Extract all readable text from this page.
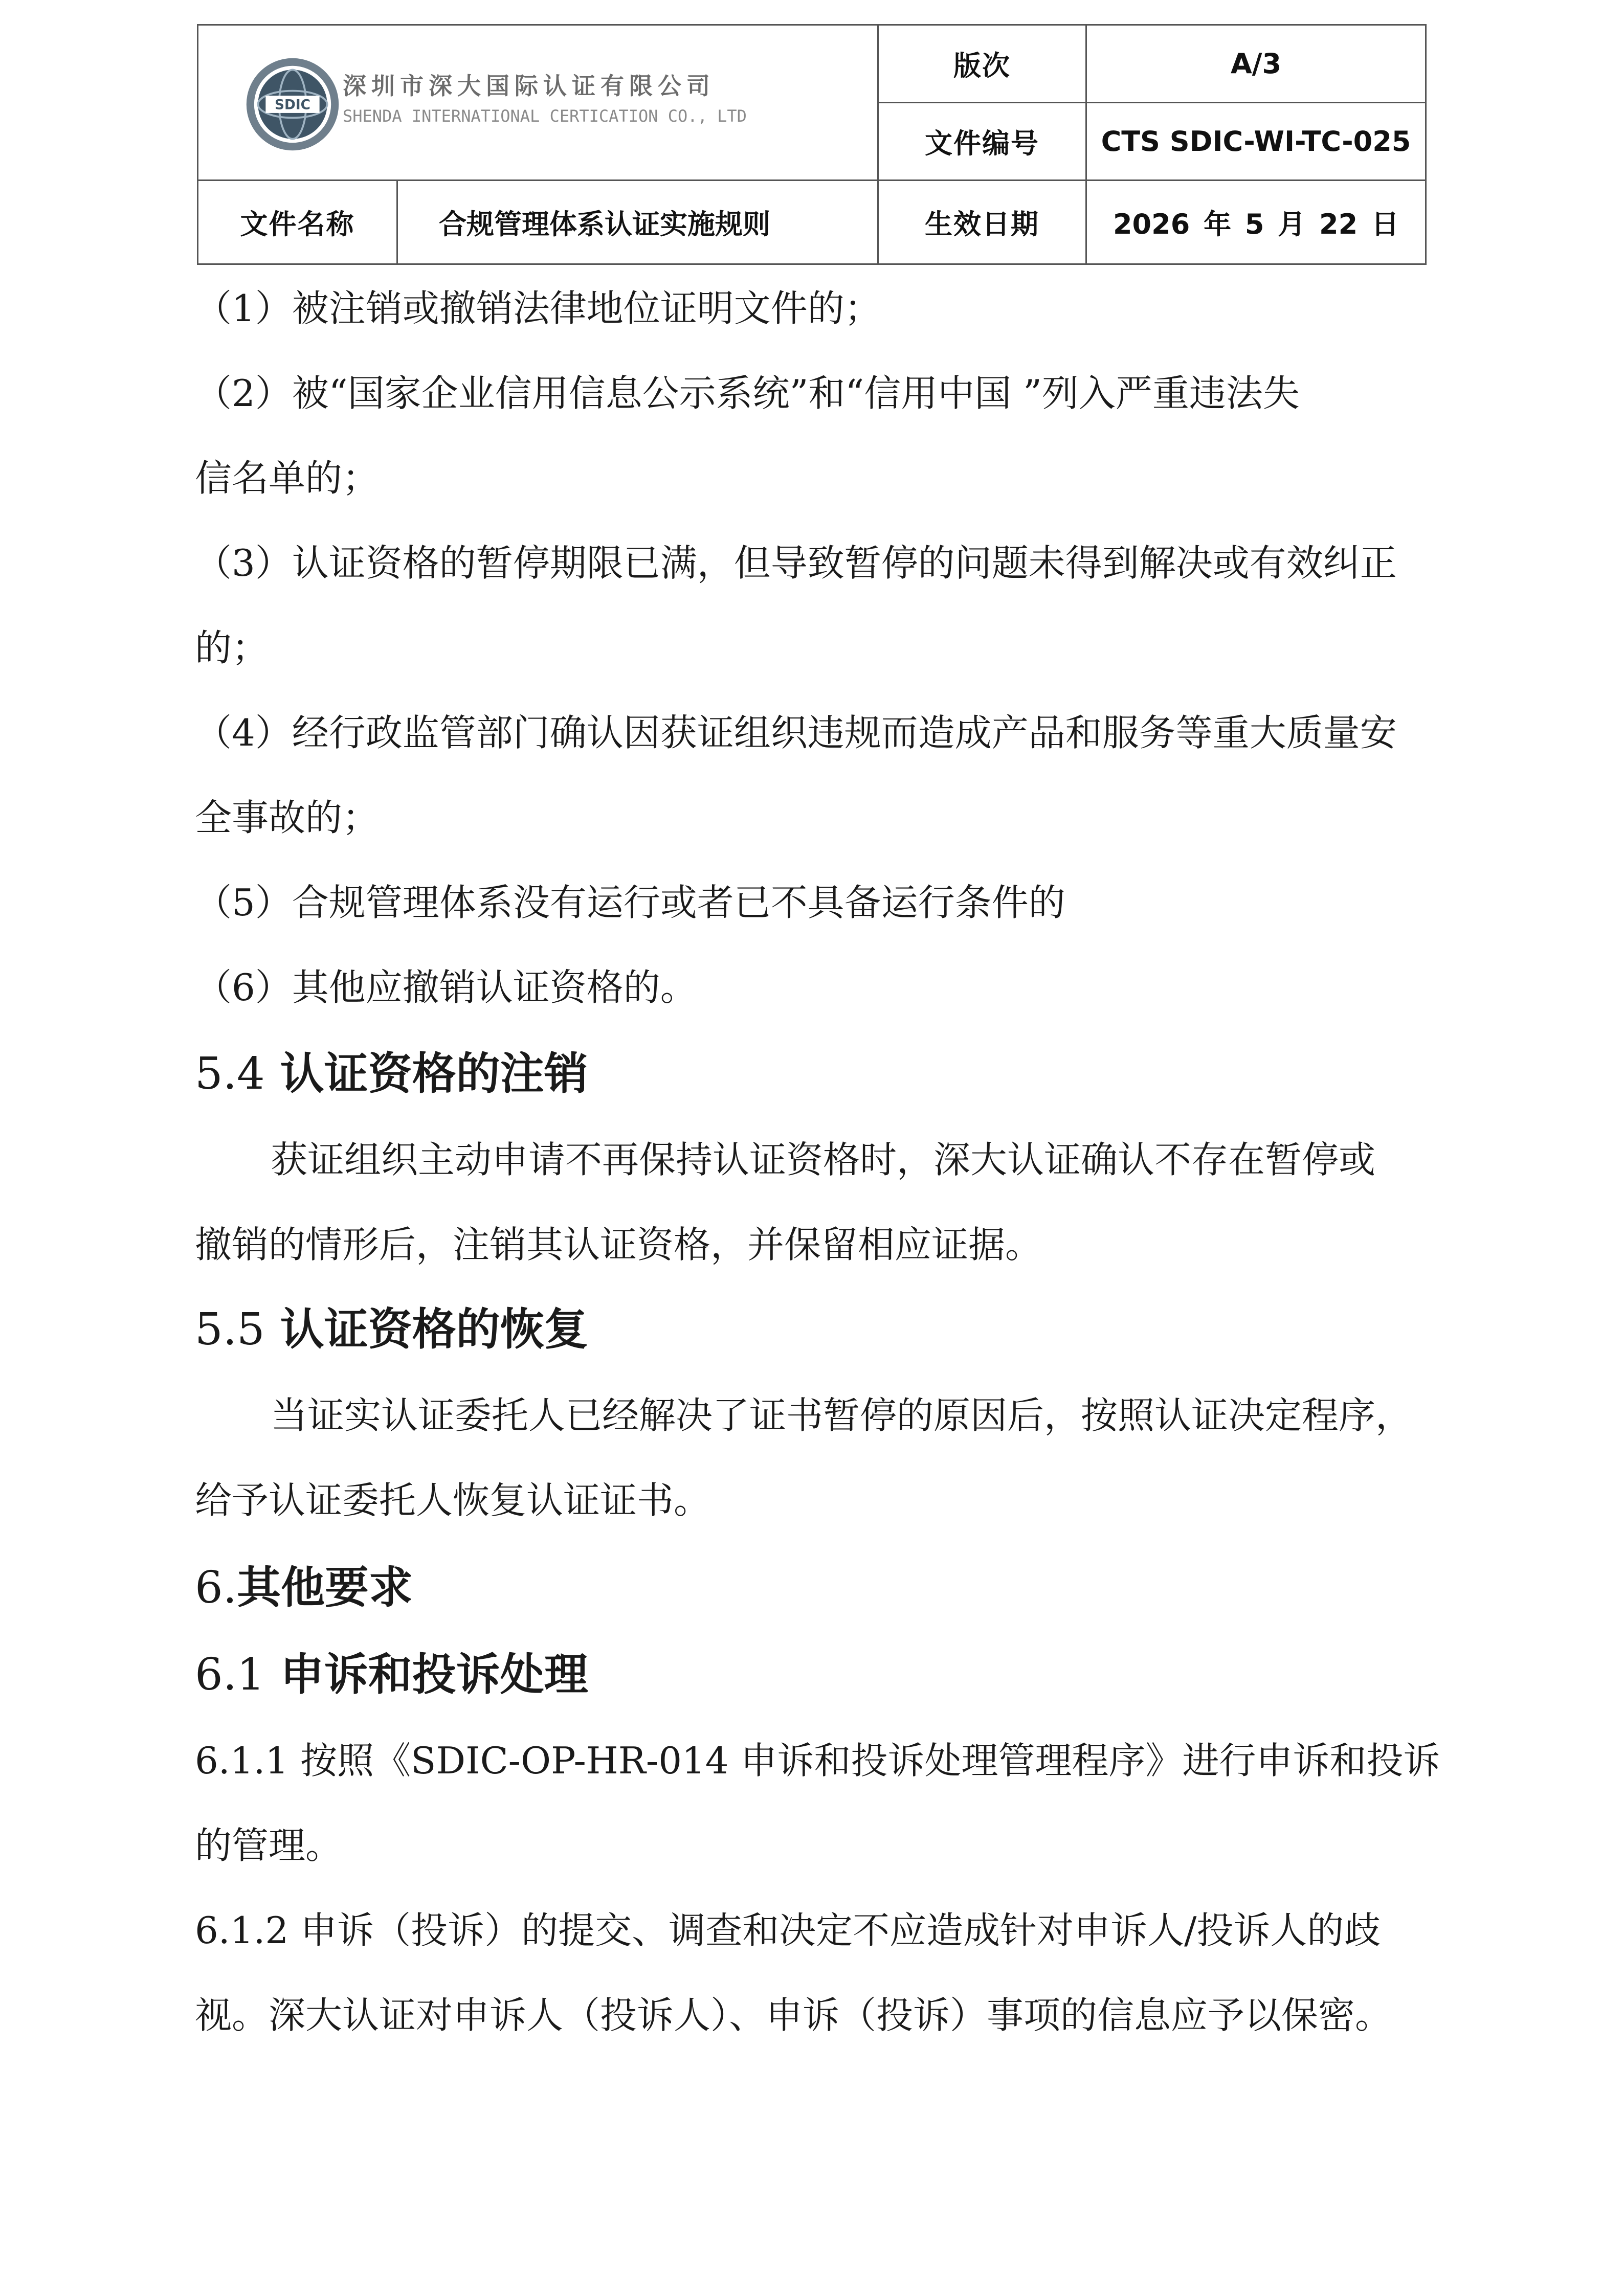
SDIC
深圳市深大国际认证有限公司
SHENDA INTERNATIONAL CERTICATION CO., LTD		版次	A/3
		文件编号	CTS SDIC-WI-TC-025
文件名称	合规管理体系认证实施规则	生效日期	2026 年 5 月 22 日
（1）被注销或撤销法律地位证明文件的；
（2）被“国家企业信用信息公示系统”和“信用中国 ”列入严重违法失
信名单的；
（3）认证资格的暂停期限已满，但导致暂停的问题未得到解决或有效纠正
的；
（4）经行政监管部门确认因获证组织违规而造成产品和服务等重大质量安
全事故的；
（5）合规管理体系没有运行或者已不具备运行条件的
（6）其他应撤销认证资格的。
5.4 认证资格的注销
获证组织主动申请不再保持认证资格时，深大认证确认不存在暂停或
撤销的情形后，注销其认证资格，并保留相应证据。
5.5 认证资格的恢复
当证实认证委托人已经解决了证书暂停的原因后，按照认证决定程序，
给予认证委托人恢复认证证书。
6.其他要求
6.1 申诉和投诉处理
6.1.1 按照《SDIC-OP-HR-014 申诉和投诉处理管理程序》进行申诉和投诉
的管理。
6.1.2 申诉（投诉）的提交、调查和决定不应造成针对申诉人/投诉人的歧
视。深大认证对申诉人（投诉人）、申诉（投诉）事项的信息应予以保密。
